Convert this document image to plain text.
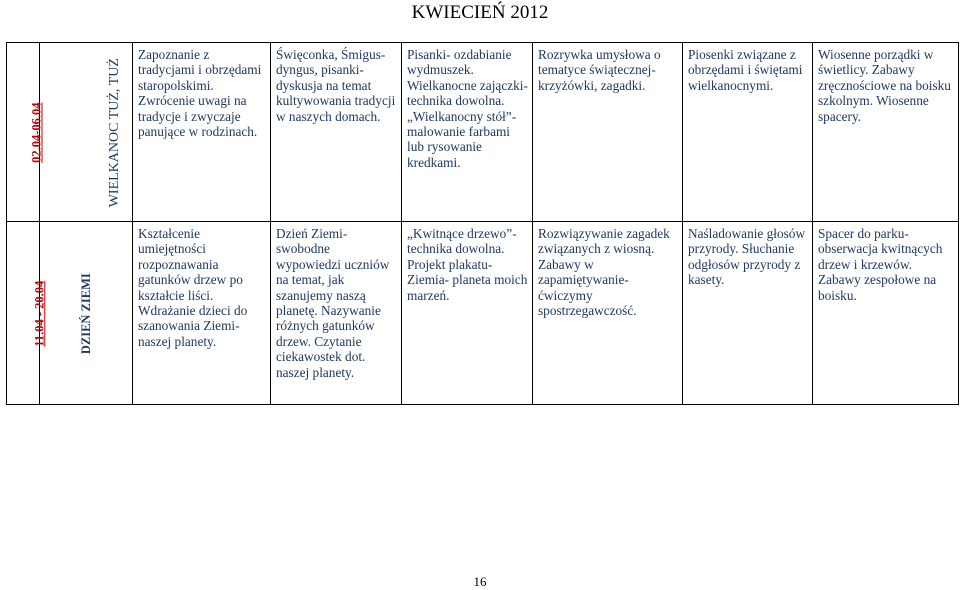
KWIECIEŃ 2012
02.04-06.04	WIELKANOC TUŻ, TUŻ	Zapoznanie z tradycjami i obrzędami staropolskimi. Zwrócenie uwagi na tradycje i zwyczaje panujące w rodzinach.	Święconka, Śmigus-dyngus, pisanki- dyskusja na temat kultywowania tradycji w naszych domach.	Pisanki- ozdabianie wydmuszek. Wielkanocne zajączki- technika dowolna. „Wielkanocny stół”- malowanie farbami lub rysowanie kredkami.	Rozrywka umysłowa o tematyce świątecznej- krzyżówki, zagadki.	Piosenki związane z obrzędami i świętami wielkanocnymi.	Wiosenne porządki w świetlicy. Zabawy zręcznościowe na boisku szkolnym. Wiosenne spacery.
11.04 - 20.04	DZIEŃ ZIEMI	Kształcenie umiejętności rozpoznawania gatunków drzew po kształcie liści. Wdrażanie dzieci do szanowania Ziemi- naszej planety.	Dzień Ziemi- swobodne wypowiedzi uczniów na temat, jak szanujemy naszą planetę. Nazywanie różnych gatunków drzew. Czytanie ciekawostek dot. naszej planety.	„Kwitnące drzewo”- technika dowolna. Projekt plakatu- Ziemia- planeta moich marzeń.	Rozwiązywanie zagadek związanych z wiosną. Zabawy w zapamiętywanie- ćwiczymy spostrzegawczość.	Naśladowanie głosów przyrody. Słuchanie odgłosów przyrody z kasety.	Spacer do parku- obserwacja kwitnących drzew i krzewów. Zabawy zespołowe na boisku.
16
